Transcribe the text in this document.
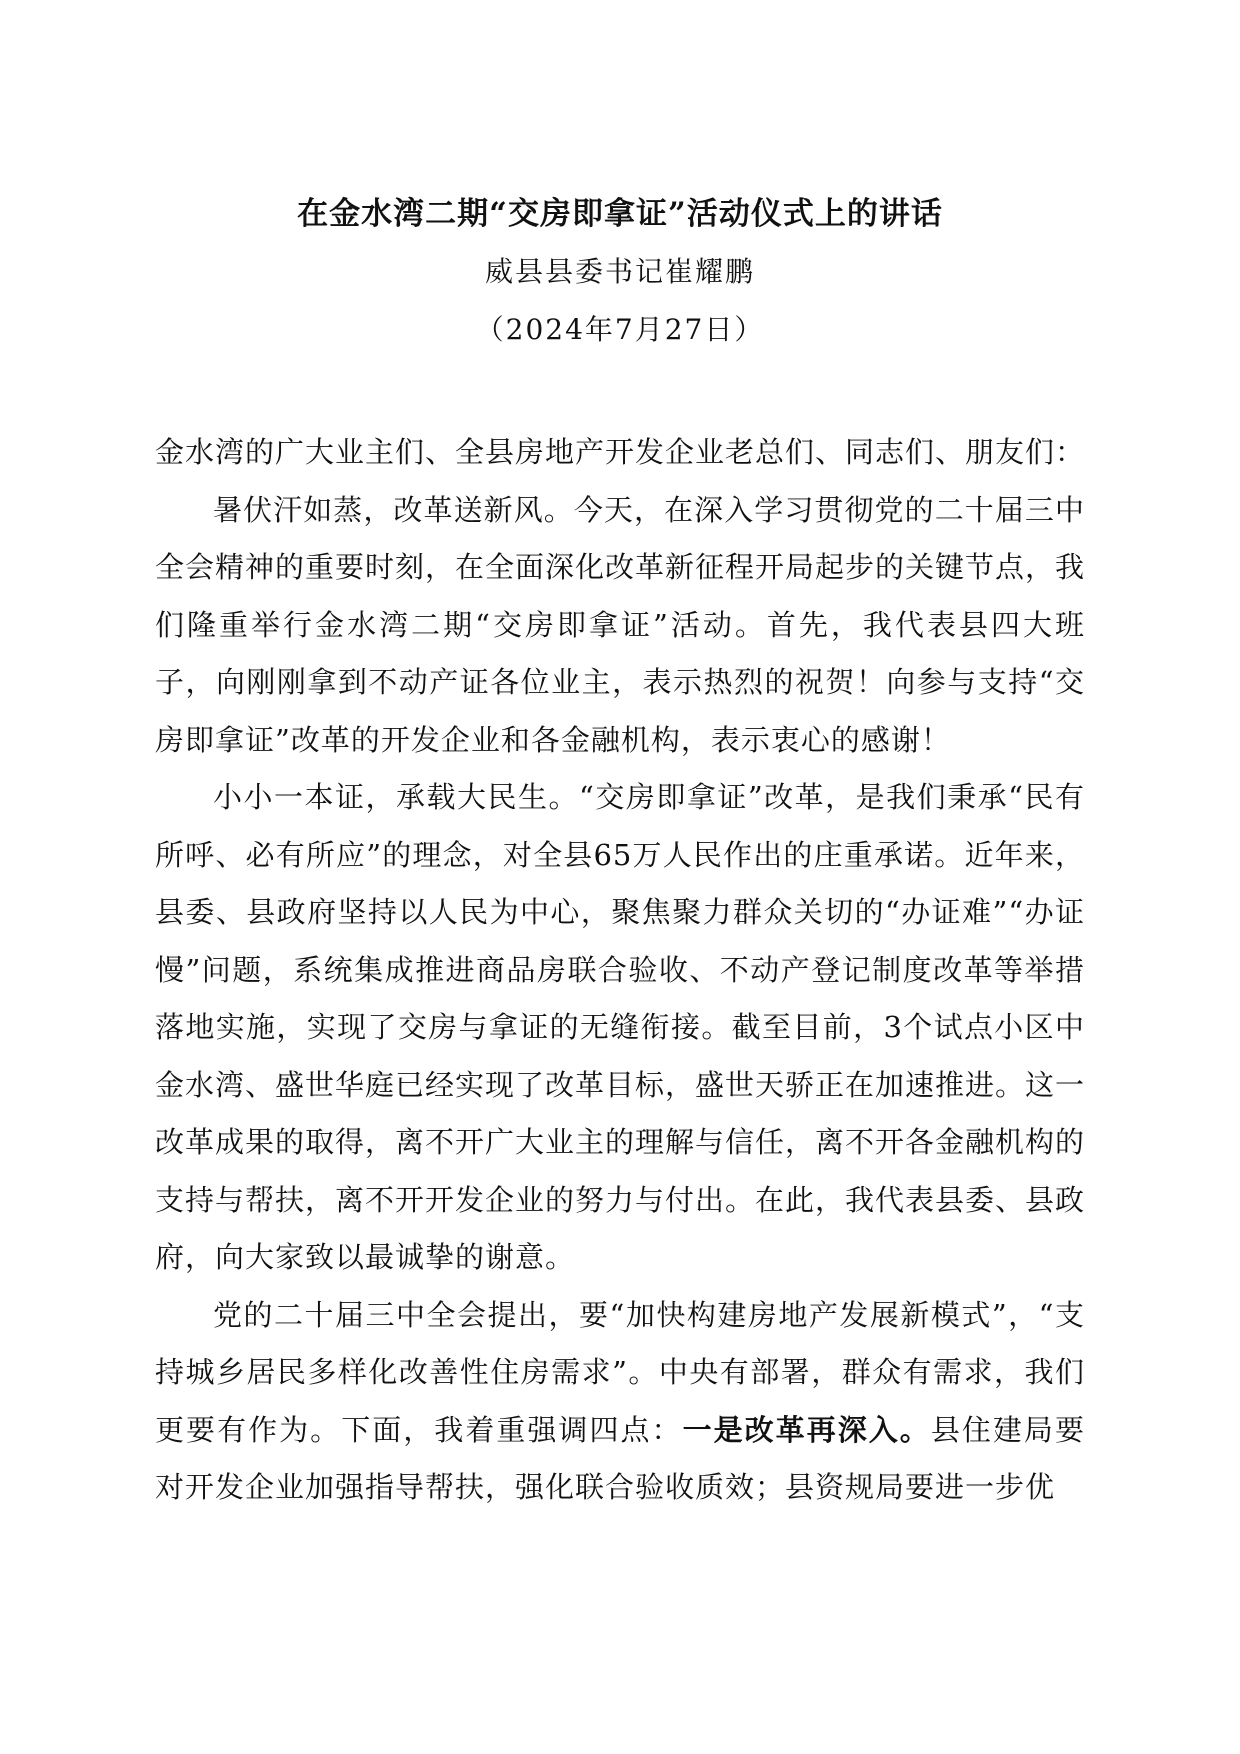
在金水湾二期“交房即拿证”活动仪式上的讲话
威县县委书记崔耀鹏
（2024年7月27日）

金水湾的广大业主们、全县房地产开发企业老总们、同志们、朋友们：

暑伏汗如蒸，改革送新风。今天，在深入学习贯彻党的二十届三中全会精神的重要时刻，在全面深化改革新征程开局起步的关键节点，我们隆重举行金水湾二期“交房即拿证”活动。首先，我代表县四大班子，向刚刚拿到不动产证各位业主，表示热烈的祝贺！向参与支持“交房即拿证”改革的开发企业和各金融机构，表示衷心的感谢！

小小一本证，承载大民生。“交房即拿证”改革，是我们秉承“民有所呼、必有所应”的理念，对全县65万人民作出的庄重承诺。近年来，县委、县政府坚持以人民为中心，聚焦聚力群众关切的“办证难”“办证慢”问题，系统集成推进商品房联合验收、不动产登记制度改革等举措落地实施，实现了交房与拿证的无缝衔接。截至目前，3个试点小区中金水湾、盛世华庭已经实现了改革目标，盛世天骄正在加速推进。这一改革成果的取得，离不开广大业主的理解与信任，离不开各金融机构的支持与帮扶，离不开开发企业的努力与付出。在此，我代表县委、县政府，向大家致以最诚挚的谢意。

党的二十届三中全会提出，要“加快构建房地产发展新模式”，“支持城乡居民多样化改善性住房需求”。中央有部署，群众有需求，我们更要有作为。下面，我着重强调四点：一是改革再深入。县住建局要对开发企业加强指导帮扶，强化联合验收质效；县资规局要进一步优
